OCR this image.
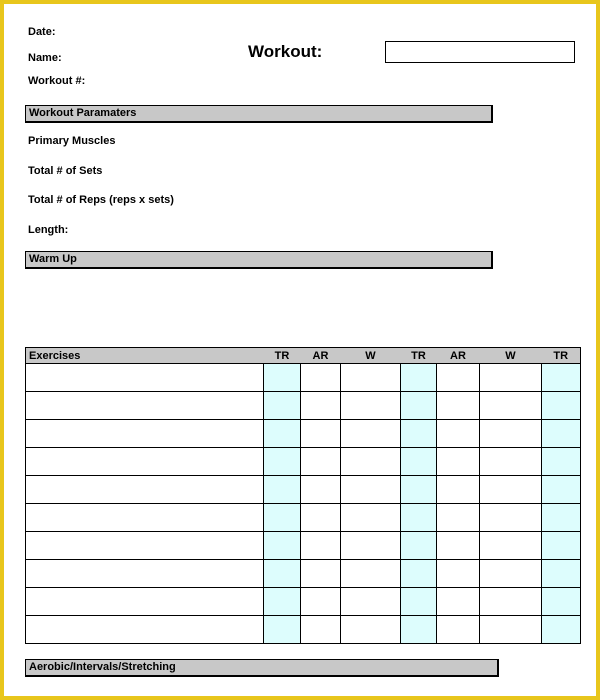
Date:
Name:
Workout #:
Workout:
Workout Paramaters
Primary Muscles
Total # of Sets
Total # of Reps (reps x sets)
Length:
Warm Up
Exercises	TR	AR	W	TR	AR	W	TR

Aerobic/Intervals/Stretching
